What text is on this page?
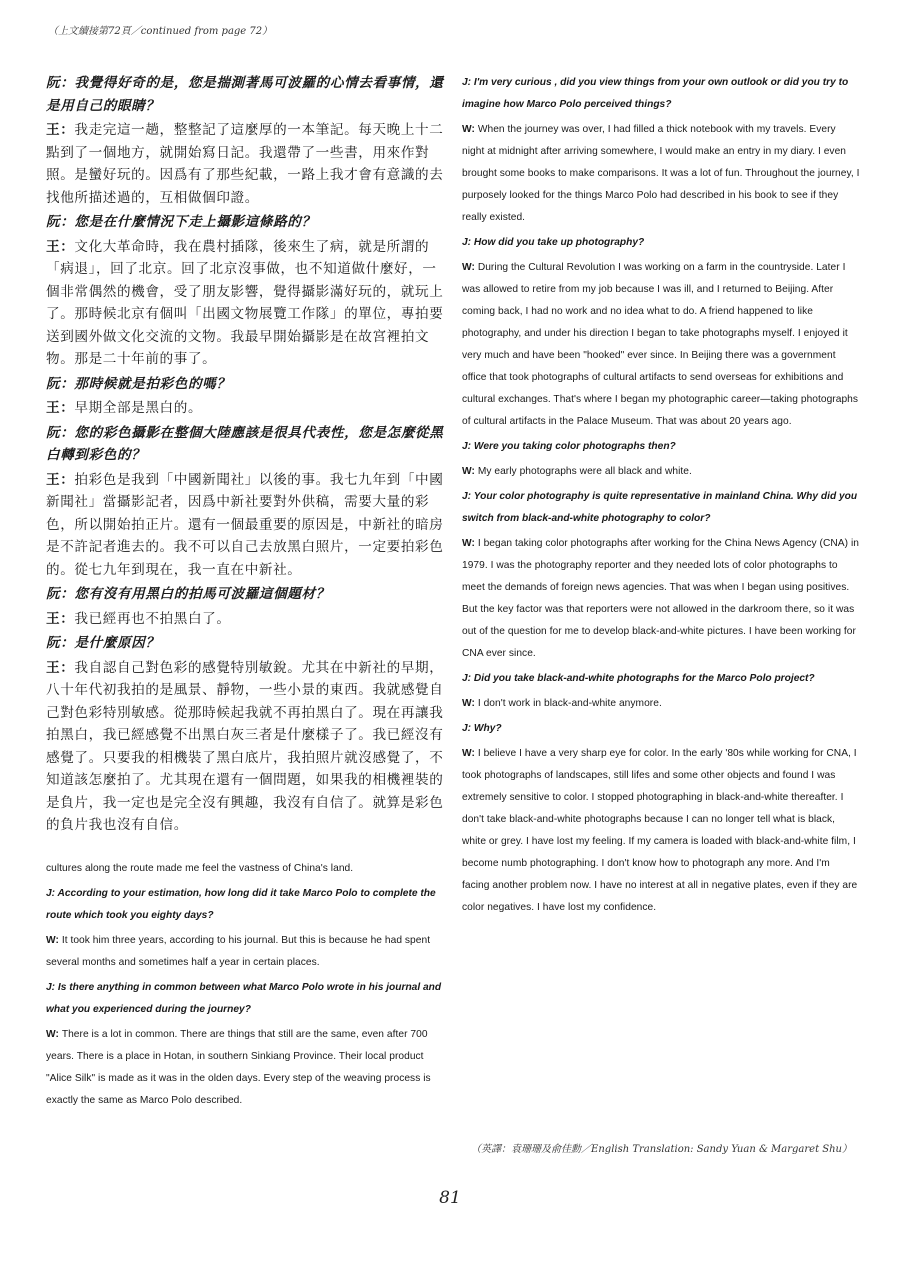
（上文續接第72頁／continued from page 72）

阮：我覺得好奇的是，您是揣測著馬可波羅的心情去看事情，還是用自己的眼睛？

王：我走完這一趟，整整記了這麼厚的一本筆記。每天晚上十二點到了一個地方，就開始寫日記。我還帶了一些書，用來作對照。是蠻好玩的。因爲有了那些紀載，一路上我才會有意識的去找他所描述過的，互相做個印證。

阮：您是在什麼情況下走上攝影這條路的？

王：文化大革命時，我在農村插隊，後來生了病，就是所謂的「病退」，回了北京。回了北京沒事做，也不知道做什麼好，一個非常偶然的機會，受了朋友影響，覺得攝影滿好玩的，就玩上了。那時候北京有個叫「出國文物展覽工作隊」的單位，專拍要送到國外做文化交流的文物。我最早開始攝影是在故宮裡拍文物。那是二十年前的事了。

阮：那時候就是拍彩色的嗎？

王：早期全部是黑白的。

阮：您的彩色攝影在整個大陸應該是很具代表性，您是怎麼從黑白轉到彩色的？

王：拍彩色是我到「中國新聞社」以後的事。我七九年到「中國新聞社」當攝影記者，因爲中新社要對外供稿，需要大量的彩色，所以開始拍正片。還有一個最重要的原因是，中新社的暗房是不許記者進去的。我不可以自己去放黑白照片，一定要拍彩色的。從七九年到現在，我一直在中新社。

阮：您有沒有用黑白的拍馬可波羅這個題材？

王：我已經再也不拍黑白了。

阮：是什麼原因？

王：我自認自己對色彩的感覺特別敏銳。尤其在中新社的早期，八十年代初我拍的是風景、靜物，一些小景的東西。我就感覺自己對色彩特別敏感。從那時候起我就不再拍黑白了。現在再讓我拍黑白，我已經感覺不出黑白灰三者是什麼樣子了。我已經沒有感覺了。只要我的相機裝了黑白底片，我拍照片就沒感覺了，不知道該怎麼拍了。尤其現在還有一個問題，如果我的相機裡裝的是負片，我一定也是完全沒有興趣，我沒有自信了。就算是彩色的負片我也沒有自信。

cultures along the route made me feel the vastness of China's land.

J: According to your estimation, how long did it take Marco Polo to complete the route which took you eighty days?

W: It took him three years, according to his journal. But this is because he had spent several months and sometimes half a year in certain places.

J: Is there anything in common between what Marco Polo wrote in his journal and what you experienced during the journey?

W: There is a lot in common. There are things that still are the same, even after 700 years. There is a place in Hotan, in southern Sinkiang Province. Their local product "Alice Silk" is made as it was in the olden days. Every step of the weaving process is exactly the same as Marco Polo described.

J: I'm very curious , did you view things from your own outlook or did you try to imagine how Marco Polo perceived things?

W: When the journey was over, I had filled a thick notebook with my travels. Every night at midnight after arriving somewhere, I would make an entry in my diary. I even brought some books to make comparisons. It was a lot of fun. Throughout the journey, I purposely looked for the things Marco Polo had described in his book to see if they really existed.

J: How did you take up photography?

W: During the Cultural Revolution I was working on a farm in the countryside. Later I was allowed to retire from my job because I was ill, and I returned to Beijing. After coming back, I had no work and no idea what to do. A friend happened to like photography, and under his direction I began to take photographs myself. I enjoyed it very much and have been "hooked" ever since. In Beijing there was a government office that took photographs of cultural artifacts to send overseas for exhibitions and cultural exchanges. That's where I began my photographic career—taking photographs of cultural artifacts in the Palace Museum. That was about 20 years ago.

J: Were you taking color photographs then?

W: My early photographs were all black and white.

J: Your color photography is quite representative in mainland China. Why did you switch from black-and-white photography to color?

W: I began taking color photographs after working for the China News Agency (CNA) in 1979. I was the photography reporter and they needed lots of color photographs to meet the demands of foreign news agencies. That was when I began using positives. But the key factor was that reporters were not allowed in the darkroom there, so it was out of the question for me to develop black-and-white pictures. I have been working for CNA ever since.

J: Did you take black-and-white photographs for the Marco Polo project?

W: I don't work in black-and-white anymore.

J: Why?

W: I believe I have a very sharp eye for color. In the early '80s while working for CNA, I took photographs of landscapes, still lifes and some other objects and found I was extremely sensitive to color. I stopped photographing in black-and-white thereafter. I don't take black-and-white photographs because I can no longer tell what is black, white or grey. I have lost my feeling. If my camera is loaded with black-and-white film, I become numb photographing. I don't know how to photograph any more. And I'm facing another problem now. I have no interest at all in negative plates, even if they are color negatives. I have lost my confidence.

（英譯：袁珊珊及俞佳勳／English Translation: Sandy Yuan & Margaret Shu）
81
